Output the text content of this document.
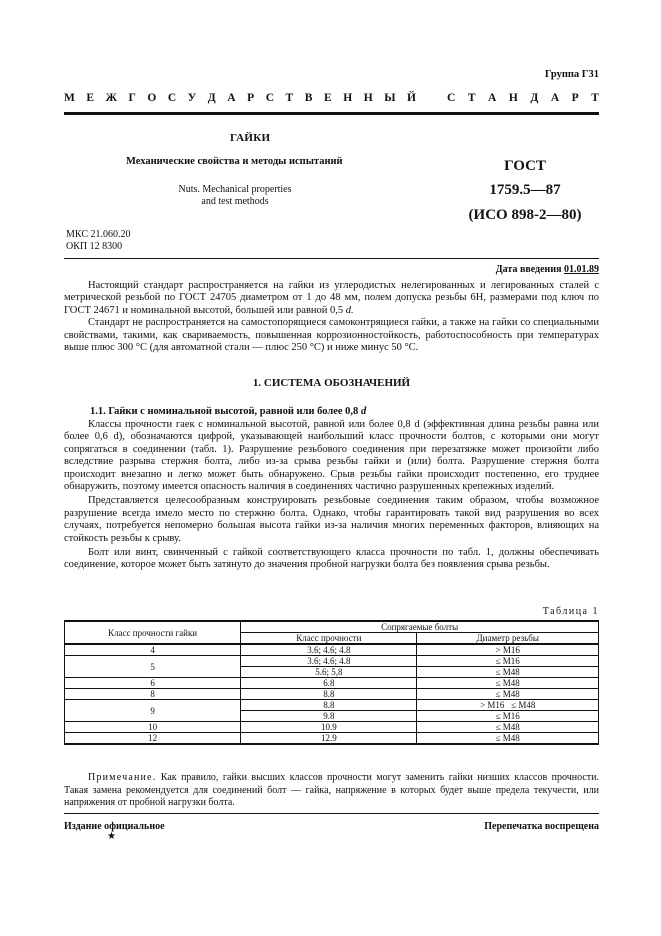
Группа Г31
М Е Ж Г О С У Д А Р С Т В Е Н Н Ы Й	С Т А Н Д А Р Т
ГАЙКИ
Механические свойства и методы испытаний
Nuts. Mechanical properties
and test methods
ГОСТ
1759.5—87
(ИСО 898-2—80)
МКС 21.060.20
ОКП 12 8300
Дата введения 01.01.89

Настоящий стандарт распространяется на гайки из углеродистых нелегированных и легированных сталей с метрической резьбой по ГОСТ 24705 диаметром от 1 до 48 мм, полем допуска резьбы 6Н, размерами под ключ по ГОСТ 24671 и номинальной высотой, большей или равной 0,5 d.

Стандарт не распространяется на самостопорящиеся самоконтрящиеся гайки, а также на гайки со специальными свойствами, такими, как свариваемость, повышенная коррозионностойкость, работоспособность при температурах выше плюс 300 °С (для автоматной стали — плюс 250 °С) и ниже минус 50 °С.

1. СИСТЕМА ОБОЗНАЧЕНИЙ
1.1. Гайки с номинальной высотой, равной или более 0,8 d

Классы прочности гаек с номинальной высотой, равной или более 0,8 d (эффективная длина резьбы равна или более 0,6 d), обозначаются цифрой, указывающей наибольший класс прочности болтов, с которыми они могут сопрягаться в соединении (табл. 1). Разрушение резьбового соединения при перезатяжке может произойти либо вследствие разрыва стержня болта, либо из-за срыва резьбы гайки и (или) болта. Разрушение стержня болта происходит внезапно и легко может быть обнаружено. Срыв резьбы гайки происходит постепенно, его труднее обнаружить, поэтому имеется опасность наличия в соединениях частично разрушенных крепежных изделий.

Представляется целесообразным конструировать резьбовые соединения таким образом, чтобы возможное разрушение всегда имело место по стержню болта. Однако, чтобы гарантировать такой вид разрушения во всех случаях, потребуется непомерно большая высота гайки из-за наличия многих переменных факторов, влияющих на стойкость резьбы к срыву.

Болт или винт, свинченный с гайкой соответствующего класса прочности по табл. 1, должны обеспечивать соединение, которое может быть затянуто до значения пробной нагрузки болта без появления срыва резьбы.

Таблица 1
Класс прочности гайки	Сопрягаемые болты	
	Класс прочности	Диаметр резьбы
4	3.6; 4.6; 4.8	> M16
5	3.6; 4.6; 4.8	≤ M16
	5.6; 5,8	≤ M48
6	6.8	≤ M48
8	8.8	≤ M48
9	8.8	> M16   ≤ M48
	9.8	≤ M16
10	10.9	≤ M48
12	12.9	≤ M48
Примечание. Как правило, гайки высших классов прочности могут заменить гайки низших классов прочности. Такая замена рекомендуется для соединений болт — гайка, напряжение в которых будет выше предела текучести, или напряжения от пробной нагрузки болта.
Издание официальное
★
Перепечатка воспрещена
